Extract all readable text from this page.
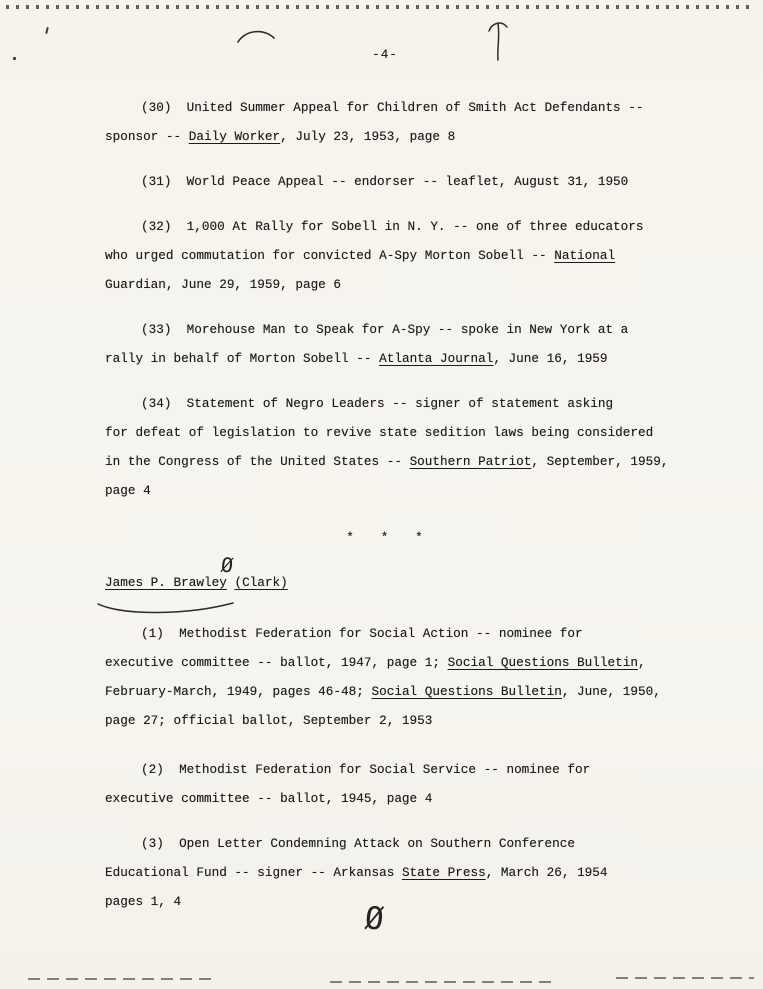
-4-
(30)  United Summer Appeal for Children of Smith Act Defendants --
sponsor -- Daily Worker, July 23, 1953, page 8
(31)  World Peace Appeal -- endorser -- leaflet, August 31, 1950
(32)  1,000 At Rally for Sobell in N. Y. -- one of three educators
who urged commutation for convicted A-Spy Morton Sobell -- National
Guardian, June 29, 1959, page 6
(33)  Morehouse Man to Speak for A-Spy -- spoke in New York at a
rally in behalf of Morton Sobell -- Atlanta Journal, June 16, 1959
(34)  Statement of Negro Leaders -- signer of statement asking
for defeat of legislation to revive state sedition laws being considered
in the Congress of the United States -- Southern Patriot, September, 1959,
page 4
*   *   *
James P. Brawley (Clark)
(1)  Methodist Federation for Social Action -- nominee for
executive committee -- ballot, 1947, page 1; Social Questions Bulletin,
February-March, 1949, pages 46-48; Social Questions Bulletin, June, 1950,
page 27; official ballot, September 2, 1953
(2)  Methodist Federation for Social Service -- nominee for
executive committee -- ballot, 1945, page 4
(3)  Open Letter Condemning Attack on Southern Conference
Educational Fund -- signer -- Arkansas State Press, March 26, 1954
pages 1, 4
Ø
Ø
